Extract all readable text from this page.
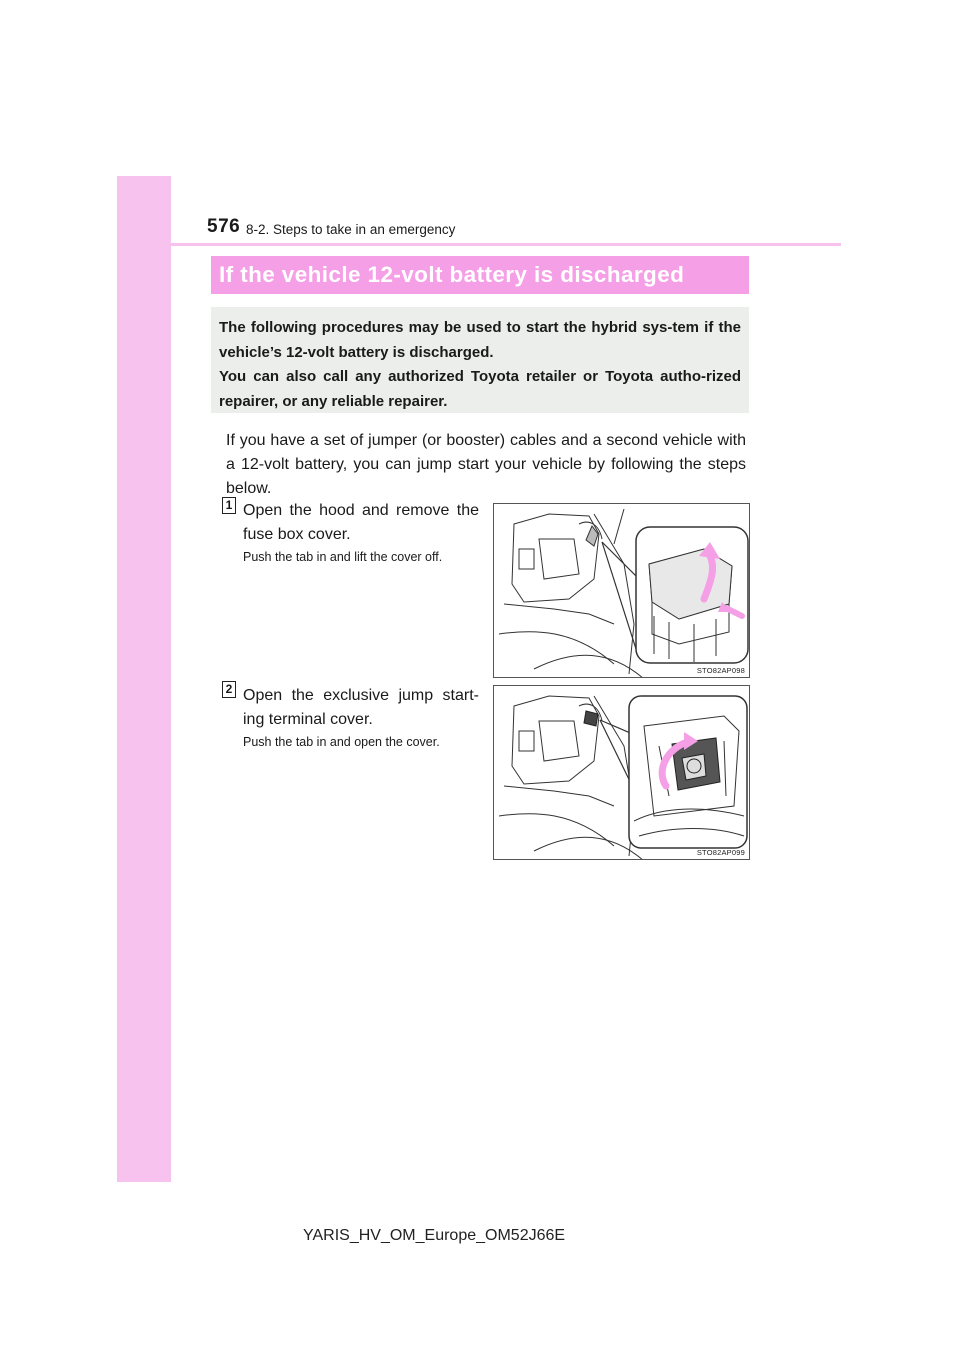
576 8-2. Steps to take in an emergency
If the vehicle 12-volt battery is discharged

The following procedures may be used to start the hybrid sys-tem if the vehicle’s 12-volt battery is discharged.

You can also call any authorized Toyota retailer or Toyota autho-rized repairer, or any reliable repairer.

If you have a set of jumper (or booster) cables and a second vehicle with a 12-volt battery, you can jump start your vehicle by following the steps below.

1 Open the hood and remove the fuse box cover.

Push the tab in and lift the cover off.

STO82AP098
2 Open the exclusive jump start-ing terminal cover.

Push the tab in and open the cover.

STO82AP099
YARIS_HV_OM_Europe_OM52J66E
